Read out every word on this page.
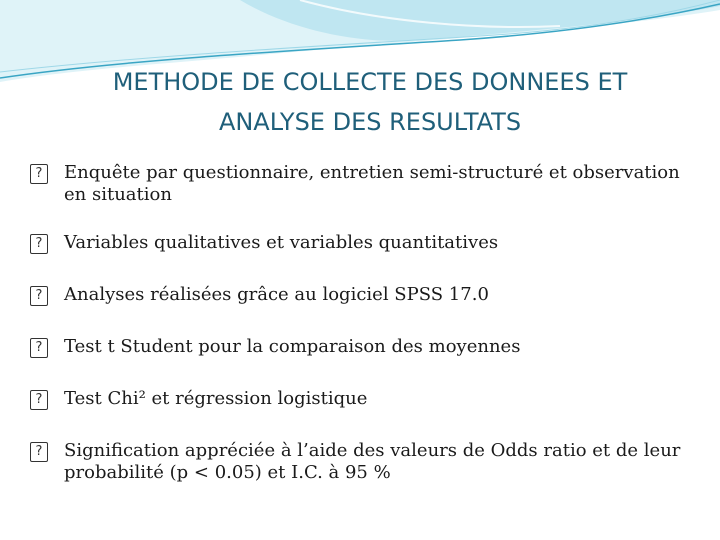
METHODE DE COLLECTE DES DONNEES ET
ANALYSE DES RESULTATS
?	Enquête par questionnaire, entretien semi-structuré et observation en situation
?	Variables qualitatives et variables quantitatives
?	Analyses réalisées grâce au logiciel SPSS 17.0
?	Test t Student pour la comparaison des moyennes
?	Test Chi² et régression logistique
?	Signification appréciée à l’aide des valeurs de Odds ratio et de leur probabilité (p < 0.05) et I.C. à 95 %
